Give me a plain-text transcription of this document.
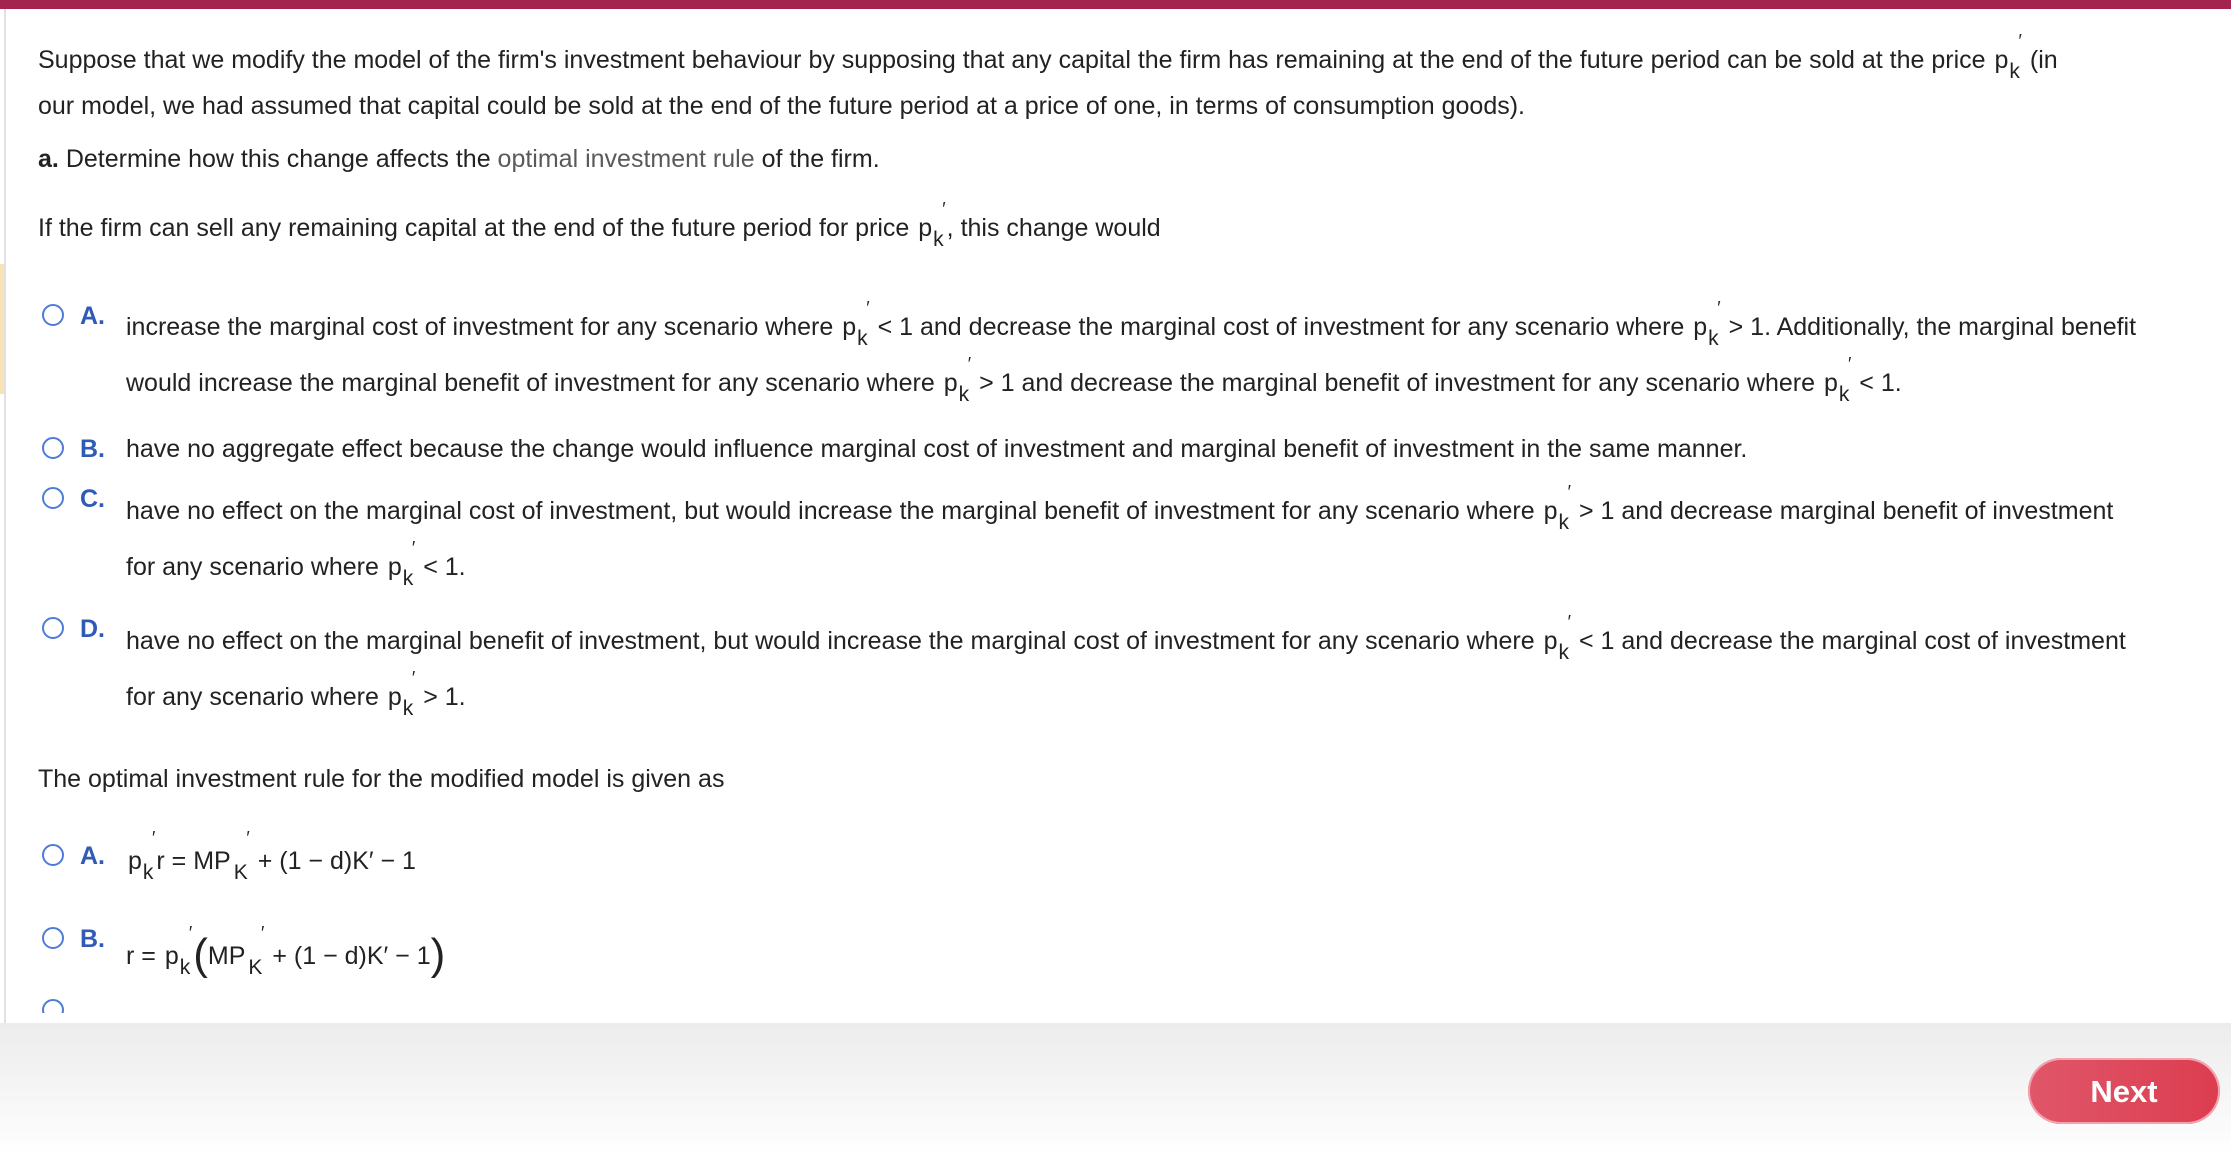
Suppose that we modify the model of the firm's investment behaviour by supposing that any capital the firm has remaining at the end of the future period can be sold at the price $p_k$
′
(in
our model, we had assumed that capital could be sold at the end of the future period at a price of one, in terms of consumption goods).

a. Determine how this change affects the optimal investment rule of the firm.

If the firm can sell any remaining capital at the end of the future period for price $p_k$
′
, this change would

A. increase the marginal cost of investment for any scenario where $p_k$
′
< 1 and decrease the marginal cost of investment for any scenario where $p_k$
′
> 1. Additionally, the marginal benefit
would increase the marginal benefit of investment for any scenario where $p_k$
′
> 1 and decrease the marginal benefit of investment for any scenario where $p_k$
′
< 1.
B. have no aggregate effect because the change would influence marginal cost of investment and marginal benefit of investment in the same manner.
C. have no effect on the marginal cost of investment, but would increase the marginal benefit of investment for any scenario where $p_k$
′
> 1 and decrease marginal benefit of investment
for any scenario where $p_k$
′
< 1.
D. have no effect on the marginal benefit of investment, but would increase the marginal cost of investment for any scenario where $p_k$
′
< 1 and decrease the marginal cost of investment
for any scenario where $p_k$
′
> 1.

The optimal investment rule for the modified model is given as

A. $p_k$
′
r = MP $_K$
′
+ (1 − d)K′ − 1
B.
$r = p_k$
′ (MP $_K$
′
+ (1 − d)K′ − 1)
Next
